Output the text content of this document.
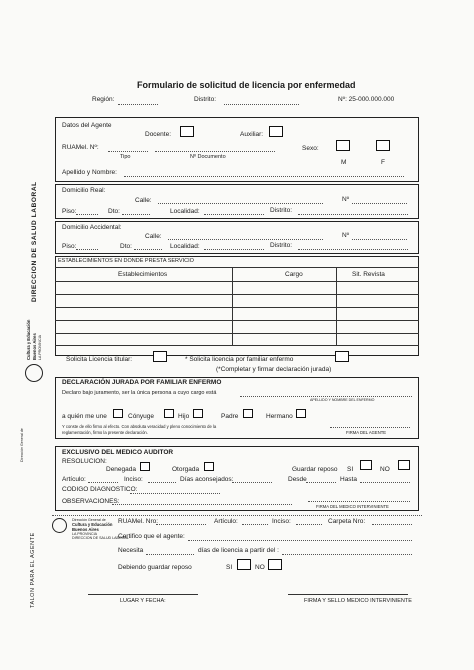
Formulario de solicitud de licencia por enfermedad
Región:	Distrito:	Nº: 25-000.000.000
DIRECCION DE SALUD LABORAL
TALON PARA EL AGENTE
Cultura y Educación Buenos Aires LA PROVINCIA
Dirección General de
Datos del Agente
Docente:	Auxiliar:
RUAMel. Nº:	Sexo:
Tipo	Nº Documento
M	F
Apellido y Nombre:
Domicilio Real:
Calle:	Nº
Piso:	Dto:	Localidad:	Distrito:
Domicilio Accidental:
Calle:	Nº
Piso:	Dto:	Localidad:	Distrito:
ESTABLECIMIENTOS EN DONDE PRESTA SERVICIO
Establecimientos	Cargo	Sit. Revista
Solicita Licencia titular:	* Solicita licencia por familiar enfermo
(*Completar y firmar declaración jurada)
DECLARACIÓN JURADA POR FAMILIAR ENFERMO
Declaro bajo juramento, ser la única persona a cuyo cargo está
APELLIDO Y NOMBRE DEL ENFERMO
a quién me une	Cónyuge	Hijo	Padre	Hermano
Y conste de ello firmo al efecto. Con absoluta veracidad y pleno conocimiento de la
reglamentación, firmo la presente declaración.	FIRMA DEL AGENTE
EXCLUSIVO DEL MEDICO AUDITOR
RESOLUCION:
Denegada	Otorgada	Guardar reposo SI	NO
Artículo:	Inciso:	Días aconsejados:	Desde	Hasta
CODIGO DIAGNOSTICO:
OBSERVACIONES:
FIRMA DEL MEDICO INTERVINIENTE
Dirección General de
Cultura y Educación
Buenos Aires
LA PROVINCIA
DIRECCION DE SALUD LABORAL
RUAMel. Nro:	Artículo:	Inciso:	Carpeta Nro:
Certifico que el agente:
Necesita	días de licencia a partir del :
Debiendo guardar reposo	SI	NO
LUGAR Y FECHA:	FIRMA Y SELLO MEDICO INTERVINIENTE
